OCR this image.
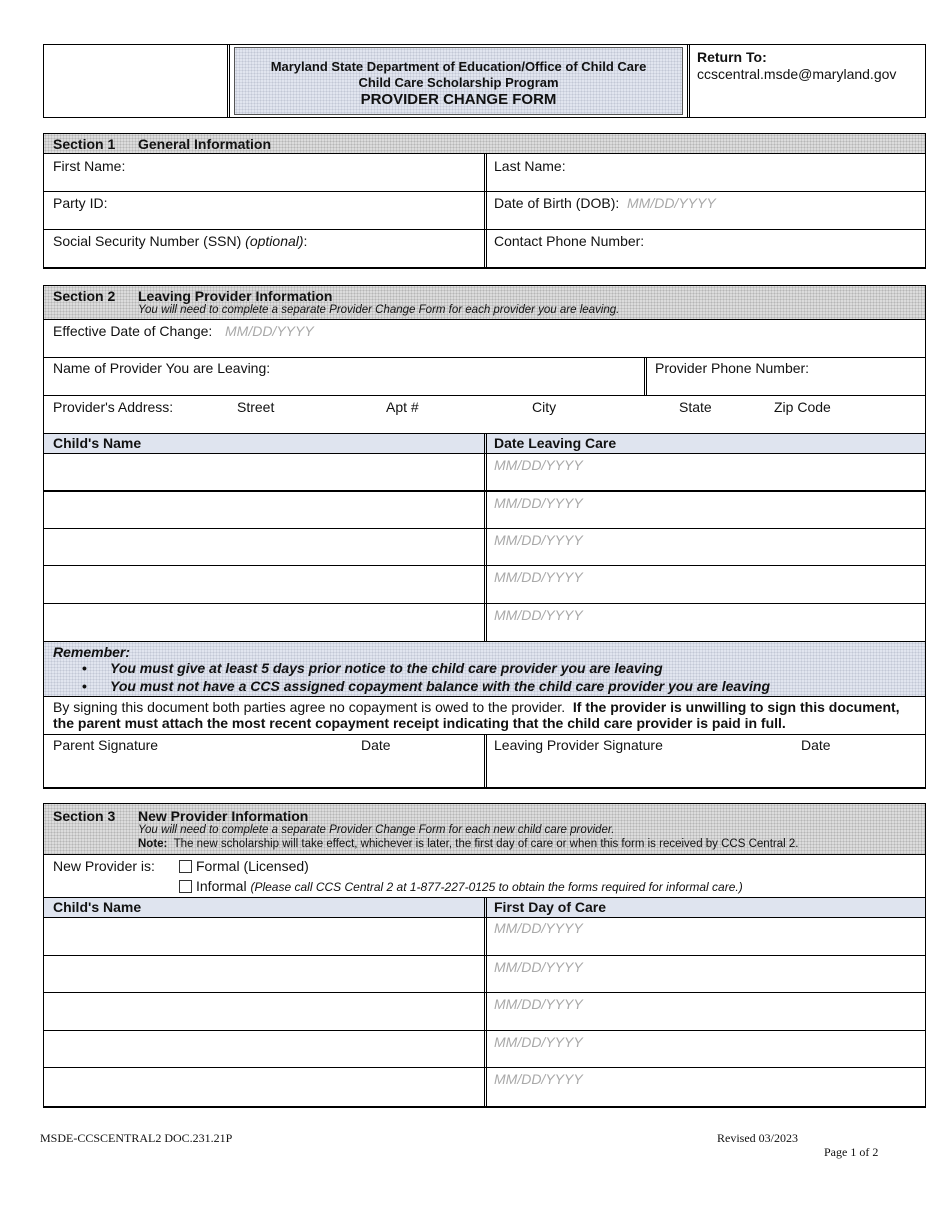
Maryland State Department of Education/Office of Child Care
Child Care Scholarship Program
PROVIDER CHANGE FORM
Return To:
ccscentral.msde@maryland.gov
Section 1 General Information
First Name:	Last Name:
Party ID:	Date of Birth (DOB): MM/DD/YYYY
Social Security Number (SSN) (optional):	Contact Phone Number:
Section 2 Leaving Provider Information
You will need to complete a separate Provider Change Form for each provider you are leaving.
Effective Date of Change: MM/DD/YYYY
Name of Provider You are Leaving:	Provider Phone Number:
Provider's Address:	Street	Apt #	City	State	Zip Code
Child's Name	Date Leaving Care
MM/DD/YYYY
MM/DD/YYYY
MM/DD/YYYY
MM/DD/YYYY
MM/DD/YYYY
Remember:
• You must give at least 5 days prior notice to the child care provider you are leaving
• You must not have a CCS assigned copayment balance with the child care provider you are leaving
By signing this document both parties agree no copayment is owed to the provider. If the provider is unwilling to sign this document,
the parent must attach the most recent copayment receipt indicating that the child care provider is paid in full.
Parent Signature	Date	Leaving Provider Signature	Date
Section 3 New Provider Information
You will need to complete a separate Provider Change Form for each new child care provider.
Note: The new scholarship will take effect, whichever is later, the first day of care or when this form is received by CCS Central 2.
New Provider is:	Formal (Licensed)
Informal (Please call CCS Central 2 at 1-877-227-0125 to obtain the forms required for informal care.)
Child's Name	First Day of Care
MM/DD/YYYY
MM/DD/YYYY
MM/DD/YYYY
MM/DD/YYYY
MM/DD/YYYY
MSDE-CCSCENTRAL2 DOC.231.21P	Revised 03/2023
Page 1 of 2
